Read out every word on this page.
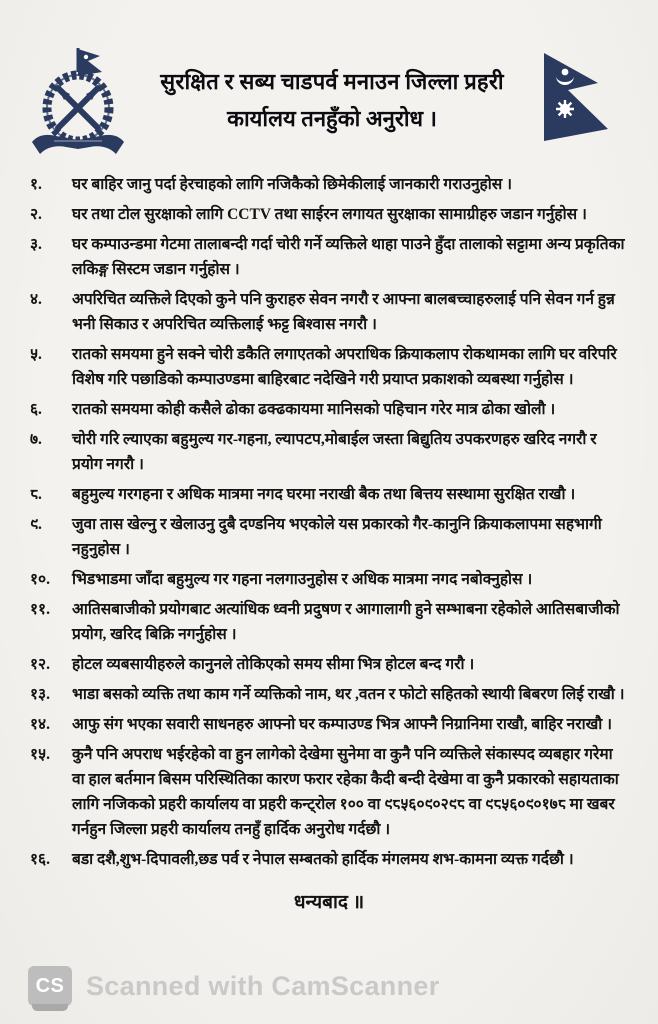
सुरक्षित र सब्य चाडपर्व मनाउन जिल्ला प्रहरी
कार्यालय तनहुँको अनुरोध ।
१.	घर बाहिर जानु पर्दा हेरचाहको लागि नजिकैको छिमेकीलाई जानकारी गराउनुहोस ।
२.	घर तथा टोल सुरक्षाको लागि CCTV तथा साईरन लगायत सुरक्षाका सामाग्रीहरु जडान गर्नुहोस ।
३.	घर कम्पाउन्डमा गेटमा तालाबन्दी गर्दा चोरी गर्ने व्यक्तिले थाहा पाउने हुँदा तालाको सट्टामा अन्य प्रकृतिका लकिङ्ग सिस्टम जडान गर्नुहोस ।
४.	अपरिचित व्यक्तिले दिएको कुने पनि कुराहरु सेवन नगरौ र आफ्ना बालबच्चाहरुलाई पनि सेवन गर्न हुन्न भनी सिकाउ र अपरिचित व्यक्तिलाई झट्ट बिश्वास नगरौ ।
५.	रातको समयमा हुने सक्ने चोरी डकैति लगाएतको अपराधिक क्रियाकलाप रोकथामका लागि घर वरिपरि विशेष गरि पछाडिको कम्पाउण्डमा बाहिरबाट नदेखिने गरी प्रयाप्त प्रकाशको व्यबस्था गर्नुहोस ।
६.	रातको समयमा कोही कसैले ढोका ढक्ढकायमा मानिसको पहिचान गरेर मात्र ढोका खोलौ ।
७.	चोरी गरि ल्याएका बहुमुल्य गर-गहना, ल्यापटप,मोबाईल जस्ता बिद्युतिय उपकरणहरु खरिद नगरौ र प्रयोग नगरौ ।
८.	बहुमुल्य गरगहना र अधिक मात्रमा नगद घरमा नराखी बैक तथा बित्तय सस्थामा सुरक्षित राखौ ।
९.	जुवा तास खेल्नु र खेलाउनु दुबै दण्डनिय भएकोले यस प्रकारको गैर-कानुनि क्रियाकलापमा सहभागी नहुनुहोस ।
१०.	भिडभाडमा जाँदा बहुमुल्य गर गहना नलगाउनुहोस र अधिक मात्रमा नगद नबोक्नुहोस ।
११.	आतिसबाजीको प्रयोगबाट अत्यांधिक ध्वनी प्रदुषण र आगालागी हुने सम्भाबना रहेकोले आतिसबाजीको प्रयोग, खरिद बिक्रि नगर्नुहोस ।
१२.	होटल व्यबसायीहरुले कानुनले तोकिएको समय सीमा भित्र होटल बन्द गरौ ।
१३.	भाडा बसको व्यक्ति तथा काम गर्ने व्यक्तिको नाम, थर ,वतन र फोटो सहितको स्थायी बिबरण लिई राखौ ।
१४.	आफु संग भएका सवारी साधनहरु आफ्नो घर कम्पाउण्ड भित्र आफ्नै निग्रानिमा राखौ, बाहिर नराखौ ।
१५.	कुनै पनि अपराध भईरहेको वा हुन लागेको देखेमा सुनेमा वा कुनै पनि व्यक्तिले संकास्पद व्यबहार गरेमा वा हाल बर्तमान बिसम परिस्थितिका कारण फरार रहेका कैदी बन्दी देखेमा वा कुनै प्रकारको सहायताका लागि नजिकको प्रहरी कार्यालय वा प्रहरी कन्ट्रोल १०० वा ९८५६०९०२९८ वा ९८५६०९०१७८ मा खबर गर्नहुन जिल्ला प्रहरी कार्यालय तनहुँ हार्दिक अनुरोध गर्दछौ ।
१६.	बडा दशै,शुभ-दिपावली,छड पर्व र नेपाल सम्बतको हार्दिक मंगलमय शभ-कामना व्यक्त गर्दछौ ।
धन्यबाद ॥
CS Scanned with CamScanner
